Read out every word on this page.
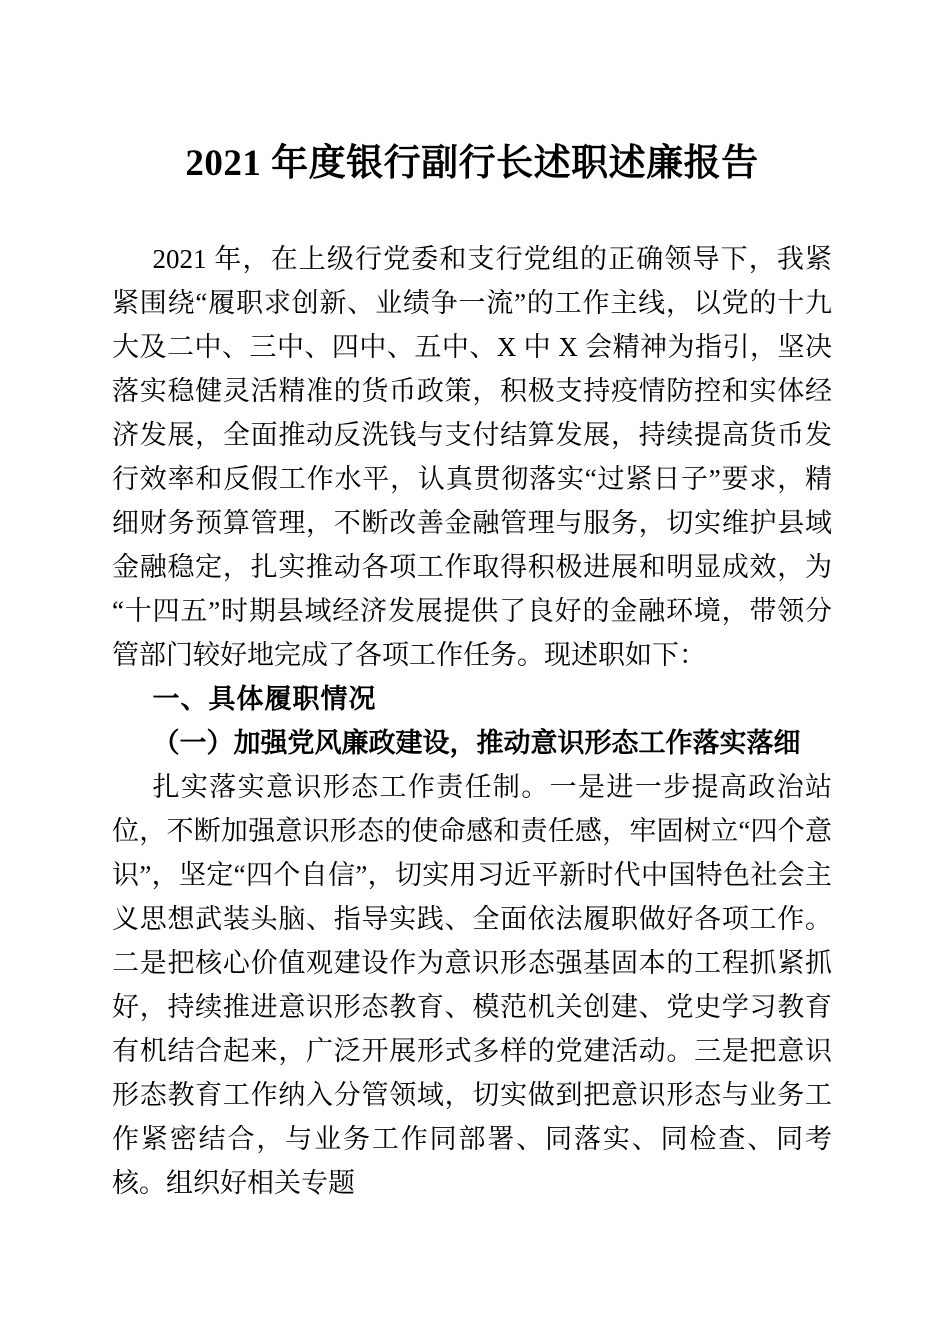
2021 年度银行副行长述职述廉报告

2021 年，在上级行党委和支行党组的正确领导下，我紧紧围绕“履职求创新、业绩争一流”的工作主线，以党的十九大及二中、三中、四中、五中、X 中 X 会精神为指引，坚决落实稳健灵活精准的货币政策，积极支持疫情防控和实体经济发展，全面推动反洗钱与支付结算发展，持续提高货币发行效率和反假工作水平，认真贯彻落实“过紧日子”要求，精细财务预算管理，不断改善金融管理与服务，切实维护县域金融稳定，扎实推动各项工作取得积极进展和明显成效，为“十四五”时期县域经济发展提供了良好的金融环境，带领分管部门较好地完成了各项工作任务。现述职如下：

一、具体履职情况

（一）加强党风廉政建设，推动意识形态工作落实落细

扎实落实意识形态工作责任制。一是进一步提高政治站位，不断加强意识形态的使命感和责任感，牢固树立“四个意识”，坚定“四个自信”，切实用习近平新时代中国特色社会主义思想武装头脑、指导实践、全面依法履职做好各项工作。二是把核心价值观建设作为意识形态强基固本的工程抓紧抓好，持续推进意识形态教育、模范机关创建、党史学习教育有机结合起来，广泛开展形式多样的党建活动。三是把意识形态教育工作纳入分管领域，切实做到把意识形态与业务工作紧密结合，与业务工作同部署、同落实、同检查、同考核。组织好相关专题
